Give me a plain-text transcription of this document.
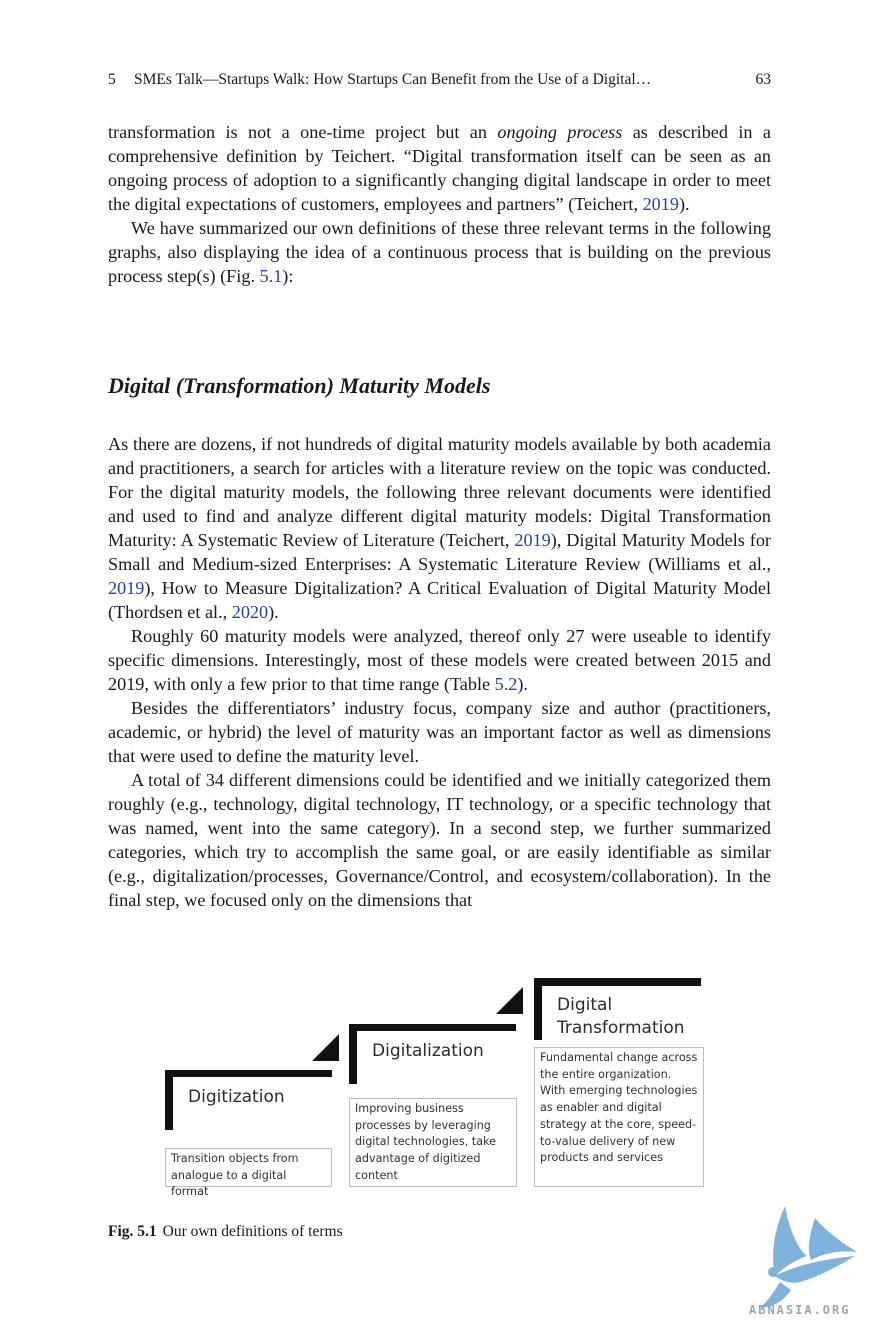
5 SMEs Talk—Startups Walk: How Startups Can Benefit from the Use of a Digital…	63

transformation is not a one-time project but an ongoing process as described in a comprehensive definition by Teichert. “Digital transformation itself can be seen as an ongoing process of adoption to a significantly changing digital landscape in order to meet the digital expectations of customers, employees and partners” (Teichert, 2019).

We have summarized our own definitions of these three relevant terms in the following graphs, also displaying the idea of a continuous process that is building on the previous process step(s) (Fig. 5.1):

Digital (Transformation) Maturity Models

As there are dozens, if not hundreds of digital maturity models available by both academia and practitioners, a search for articles with a literature review on the topic was conducted. For the digital maturity models, the following three relevant documents were identified and used to find and analyze different digital maturity models: Digital Transformation Maturity: A Systematic Review of Literature (Teichert, 2019), Digital Maturity Models for Small and Medium-sized Enterprises: A Systematic Literature Review (Williams et al., 2019), How to Measure Digitalization? A Critical Evaluation of Digital Maturity Model (Thordsen et al., 2020).

Roughly 60 maturity models were analyzed, thereof only 27 were useable to identify specific dimensions. Interestingly, most of these models were created between 2015 and 2019, with only a few prior to that time range (Table 5.2).

Besides the differentiators’ industry focus, company size and author (practitioners, academic, or hybrid) the level of maturity was an important factor as well as dimensions that were used to define the maturity level.

A total of 34 different dimensions could be identified and we initially categorized them roughly (e.g., technology, digital technology, IT technology, or a specific technology that was named, went into the same category). In a second step, we further summarized categories, which try to accomplish the same goal, or are easily identifiable as similar (e.g., digitalization/processes, Governance/Control, and ecosystem/collaboration). In the final step, we focused only on the dimensions that

Digitization
Digitalization
Digital
Transformation
Transition objects from analogue to a digital format
Improving business processes by leveraging digital technologies, take advantage of digitized content
Fundamental change across the entire organization. With emerging technologies as enabler and digital strategy at the core, speed-to-value delivery of new products and services
Fig. 5.1 Our own definitions of terms
ABNASIA.ORG
